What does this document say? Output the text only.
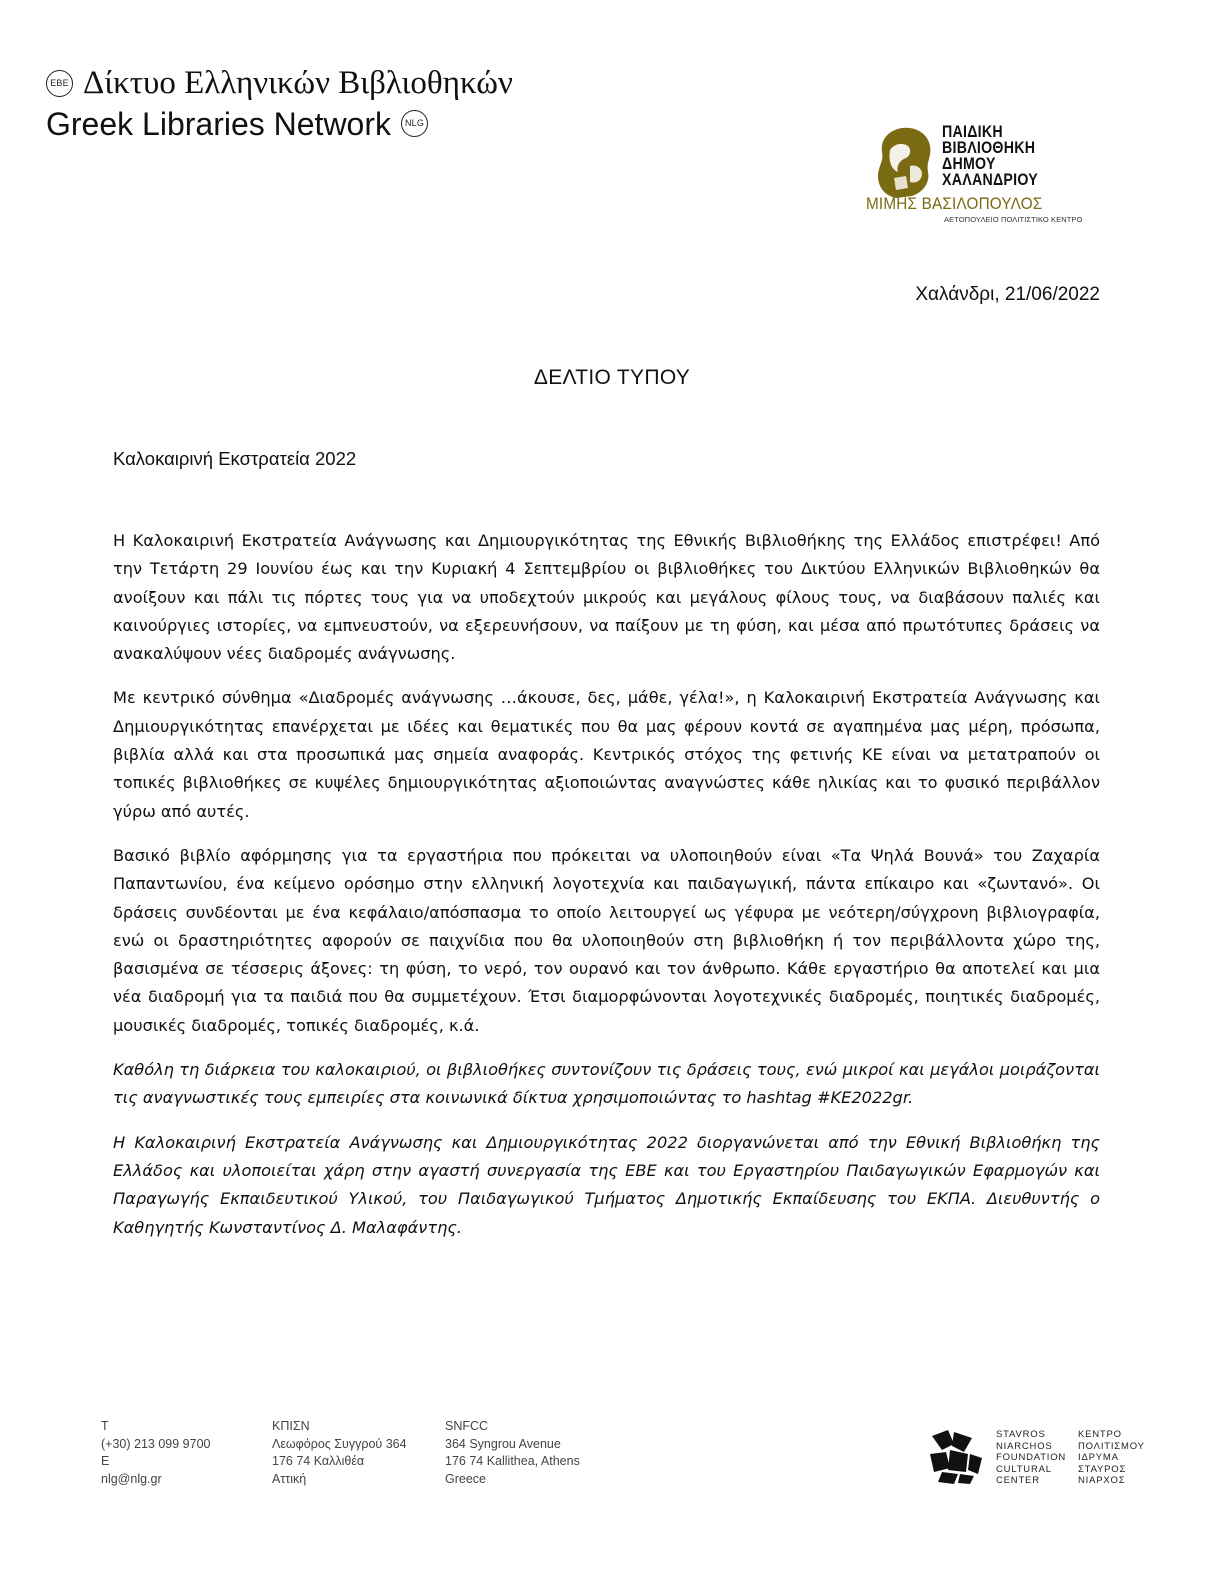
EBE Δίκτυο Ελληνικών Βιβλιοθηκών
Greek Libraries Network	NLG	ΠΑΙΔΙΚΗ
ΒΙΒΛΙΟΘΗΚΗ
ΔΗΜΟΥ
ΧΑΛΑΝΔΡΙΟΥ
ΜΙΜΗΣ ΒΑΣΙΛΟΠΟΥΛΟΣ
ΑΕΤΟΠΟΥΛΕΙΟ ΠΟΛΙΤΙΣΤΙΚΟ ΚΕΝΤΡΟ
Χαλάνδρι, 21/06/2022
ΔΕΛΤΙΟ ΤΥΠΟΥ
Καλοκαιρινή Εκστρατεία 2022

Η Καλοκαιρινή Εκστρατεία Ανάγνωσης και Δημιουργικότητας της Εθνικής Βιβλιοθήκης της Ελλάδος επιστρέφει! Από την Τετάρτη 29 Ιουνίου έως και την Κυριακή 4 Σεπτεμβρίου οι βιβλιοθήκες του Δικτύου Ελληνικών Βιβλιοθηκών θα ανοίξουν και πάλι τις πόρτες τους για να υποδεχτούν μικρούς και μεγάλους φίλους τους, να διαβάσουν παλιές και καινούργιες ιστορίες, να εμπνευστούν, να εξερευνήσουν, να παίξουν με τη φύση, και μέσα από πρωτότυπες δράσεις να ανακαλύψουν νέες διαδρομές ανάγνωσης.

Με κεντρικό σύνθημα «Διαδρομές ανάγνωσης …άκουσε, δες, μάθε, γέλα!», η Καλοκαιρινή Εκστρατεία Ανάγνωσης και Δημιουργικότητας επανέρχεται με ιδέες και θεματικές που θα μας φέρουν κοντά σε αγαπημένα μας μέρη, πρόσωπα, βιβλία αλλά και στα προσωπικά μας σημεία αναφοράς. Κεντρικός στόχος της φετινής ΚΕ είναι να μετατραπούν οι τοπικές βιβλιοθήκες σε κυψέλες δημιουργικότητας αξιοποιώντας αναγνώστες κάθε ηλικίας και το φυσικό περιβάλλον γύρω από αυτές.

Βασικό βιβλίο αφόρμησης για τα εργαστήρια που πρόκειται να υλοποιηθούν είναι «Τα Ψηλά Βουνά» του Ζαχαρία Παπαντωνίου, ένα κείμενο ορόσημο στην ελληνική λογοτεχνία και παιδαγωγική, πάντα επίκαιρο και «ζωντανό». Οι δράσεις συνδέονται με ένα κεφάλαιο/απόσπασμα το οποίο λειτουργεί ως γέφυρα με νεότερη/σύγχρονη βιβλιογραφία, ενώ οι δραστηριότητες αφορούν σε παιχνίδια που θα υλοποιηθούν στη βιβλιοθήκη ή τον περιβάλλοντα χώρο της, βασισμένα σε τέσσερις άξονες: τη φύση, το νερό, τον ουρανό και τον άνθρωπο. Κάθε εργαστήριο θα αποτελεί και μια νέα διαδρομή για τα παιδιά που θα συμμετέχουν. Έτσι διαμορφώνονται λογοτεχνικές διαδρομές, ποιητικές διαδρομές, μουσικές διαδρομές, τοπικές διαδρομές, κ.ά.

Καθόλη τη διάρκεια του καλοκαιριού, οι βιβλιοθήκες συντονίζουν τις δράσεις τους, ενώ μικροί και μεγάλοι μοιράζονται τις αναγνωστικές τους εμπειρίες στα κοινωνικά δίκτυα χρησιμοποιώντας το hashtag #ΚΕ2022gr.

Η Καλοκαιρινή Εκστρατεία Ανάγνωσης και Δημιουργικότητας 2022 διοργανώνεται από την Εθνική Βιβλιοθήκη της Ελλάδος και υλοποιείται χάρη στην αγαστή συνεργασία της ΕΒΕ και του Εργαστηρίου Παιδαγωγικών Εφαρμογών και Παραγωγής Εκπαιδευτικού Υλικού, του Παιδαγωγικού Τμήματος Δημοτικής Εκπαίδευσης του ΕΚΠΑ. Διευθυντής ο Καθηγητής Κωνσταντίνος Δ. Μαλαφάντης.

T
(+30) 213 099 9700
E
nlg@nlg.gr
ΚΠΙΣΝ
Λεωφόρος Συγγρού 364
176 74 Καλλιθέα
Αττική
SNFCC
364 Syngrou Avenue
176 74 Kallithea, Athens
Greece
STAVROS
NIARCHOS
FOUNDATION
CULTURAL
CENTER
ΚΕΝΤΡΟ
ΠΟΛΙΤΙΣΜΟΥ
ΙΔΡΥΜΑ
ΣΤΑΥΡΟΣ
ΝΙΑΡΧΟΣ
